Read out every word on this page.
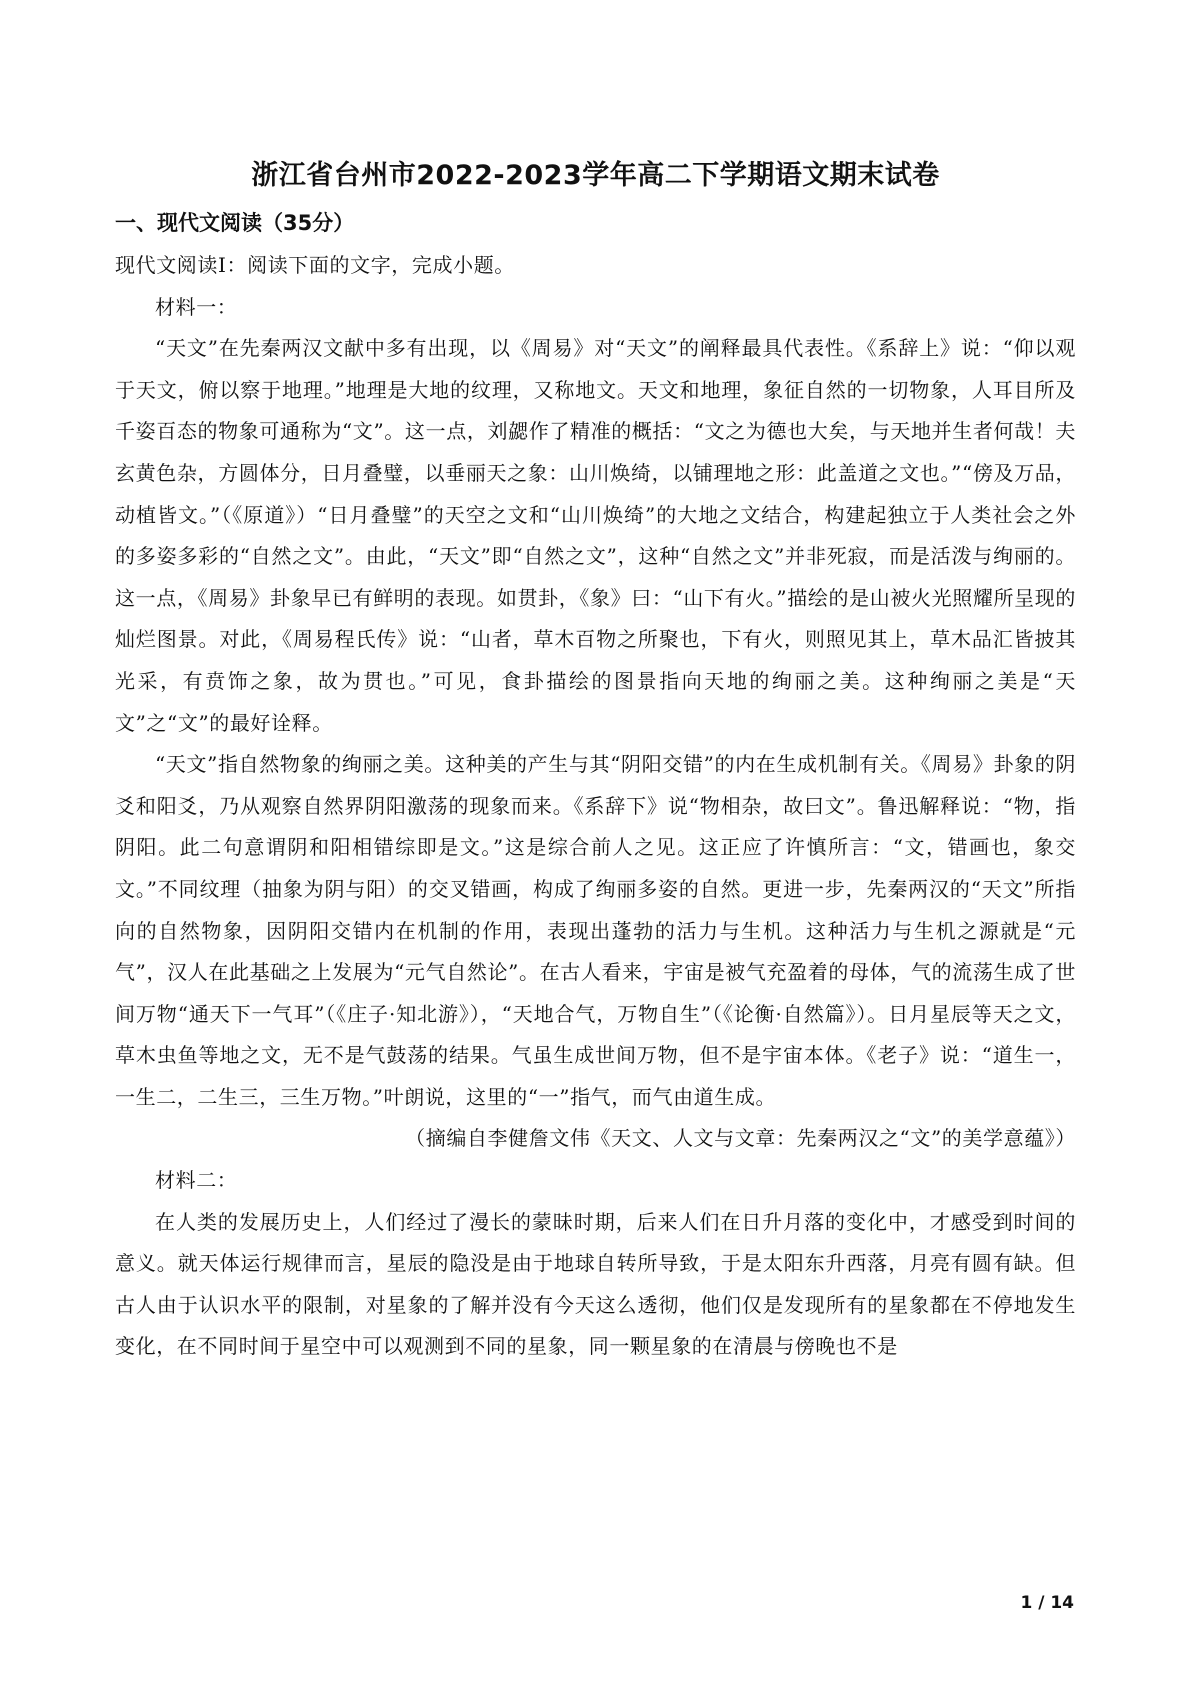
浙江省台州市2022-2023学年高二下学期语文期末试卷
一、现代文阅读（35分）

现代文阅读Ⅰ：阅读下面的文字，完成小题。

材料一：

“天文”在先秦两汉文献中多有出现，以《周易》对“天文”的阐释最具代表性。《系辞上》说：“仰以观于天文，俯以察于地理。”地理是大地的纹理，又称地文。天文和地理，象征自然的一切物象，人耳目所及千姿百态的物象可通称为“文”。这一点，刘勰作了精准的概括：“文之为德也大矣，与天地并生者何哉！夫玄黄色杂，方圆体分，日月叠璧，以垂丽天之象：山川焕绮，以铺理地之形：此盖道之文也。”“傍及万品，动植皆文。”（《原道》）“日月叠璧”的天空之文和“山川焕绮”的大地之文结合，构建起独立于人类社会之外的多姿多彩的“自然之文”。由此，“天文”即“自然之文”，这种“自然之文”并非死寂，而是活泼与绚丽的。这一点，《周易》卦象早已有鲜明的表现。如贯卦，《象》曰：“山下有火。”描绘的是山被火光照耀所呈现的灿烂图景。对此，《周易程氏传》说：“山者，草木百物之所聚也，下有火，则照见其上，草木品汇皆披其光采，有贲饰之象，故为贯也。”可见，食卦描绘的图景指向天地的绚丽之美。这种绚丽之美是“天文”之“文”的最好诠释。

“天文”指自然物象的绚丽之美。这种美的产生与其“阴阳交错”的内在生成机制有关。《周易》卦象的阴爻和阳爻，乃从观察自然界阴阳激荡的现象而来。《系辞下》说“物相杂，故曰文”。鲁迅解释说：“物，指阴阳。此二句意谓阴和阳相错综即是文。”这是综合前人之见。这正应了许慎所言：“文，错画也，象交文。”不同纹理（抽象为阴与阳）的交叉错画，构成了绚丽多姿的自然。更进一步，先秦两汉的“天文”所指向的自然物象，因阴阳交错内在机制的作用，表现出蓬勃的活力与生机。这种活力与生机之源就是“元气”，汉人在此基础之上发展为“元气自然论”。在古人看来，宇宙是被气充盈着的母体，气的流荡生成了世间万物“通天下一气耳”（《庄子·知北游》），“天地合气，万物自生”（《论衡·自然篇》）。日月星辰等天之文，草木虫鱼等地之文，无不是气鼓荡的结果。气虽生成世间万物，但不是宇宙本体。《老子》说：“道生一，一生二，二生三，三生万物。”叶朗说，这里的“一”指气，而气由道生成。

（摘编自李健詹文伟《天文、人文与文章：先秦两汉之“文”的美学意蕴》）

材料二：

在人类的发展历史上，人们经过了漫长的蒙昧时期，后来人们在日升月落的变化中，才感受到时间的意义。就天体运行规律而言，星辰的隐没是由于地球自转所导致，于是太阳东升西落，月亮有圆有缺。但古人由于认识水平的限制，对星象的了解并没有今天这么透彻，他们仅是发现所有的星象都在不停地发生变化，在不同时间于星空中可以观测到不同的星象，同一颗星象的在清晨与傍晚也不是

1 / 14
